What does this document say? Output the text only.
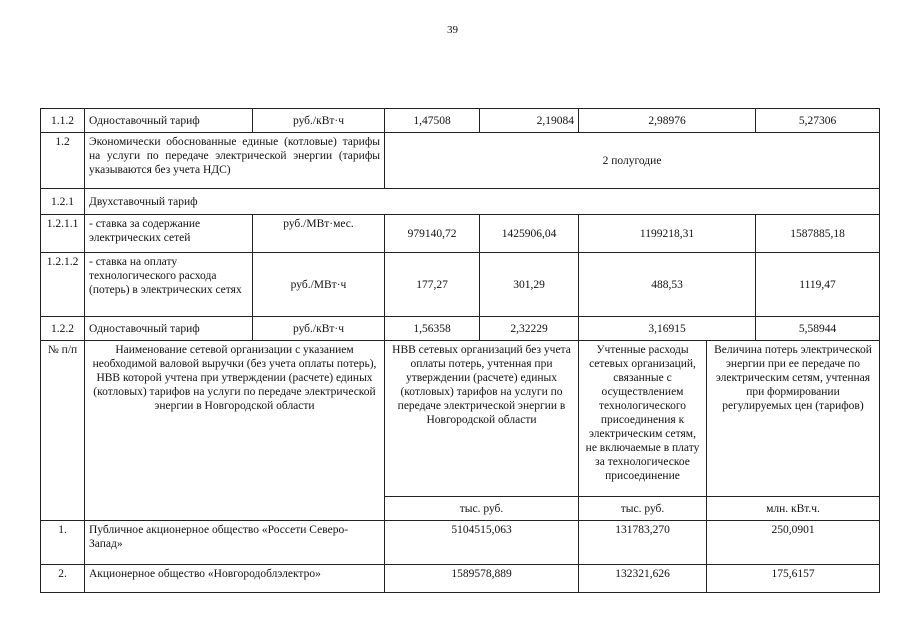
39
1.1.2	Одноставочный тариф	руб./кВт·ч	1,47508	2,19084	2,98976		5,27306
1.2	Экономически обоснованные единые (котловые) тарифы на услуги по передаче электрической энергии (тарифы указываются без учета НДС)		2 полугодие				
1.2.1	Двухставочный тариф						
1.2.1.1	- ставка за содержание электрических сетей	руб./МВт·мес.	979140,72	1425906,04	1199218,31		1587885,18
1.2.1.2	- ставка на оплату технологического расхода (потерь) в электрических сетях	руб./МВт·ч	177,27	301,29	488,53		1119,47
1.2.2	Одноставочный тариф	руб./кВт·ч	1,56358	2,32229	3,16915		5,58944
№ п/п	Наименование сетевой организации с указанием необходимой валовой выручки (без учета оплаты потерь), НВВ которой учтена при утверждении (расчете) единых (котловых) тарифов на услуги по передаче электрической энергии в Новгородской области		НВВ сетевых организаций без учета оплаты потерь, учтенная при утверждении (расчете) единых (котловых) тарифов на услуги по передаче электрической энергии в Новгородской области		Учтенные расходы сетевых организаций, связанные с осуществлением технологического присоединения к электрическим сетям, не включаемые в плату за технологическое присоединение	Величина потерь электрической энергии при ее передаче по электрическим сетям, учтенная при формировании регулируемых цен (тарифов)	
			тыс. руб.		тыс. руб.	млн. кВт.ч.	
1.	Публичное акционерное общество «Россети Северо-Запад»		5104515,063		131783,270	250,0901	
2.	Акционерное общество «Новгородоблэлектро»		1589578,889		132321,626	175,6157	
